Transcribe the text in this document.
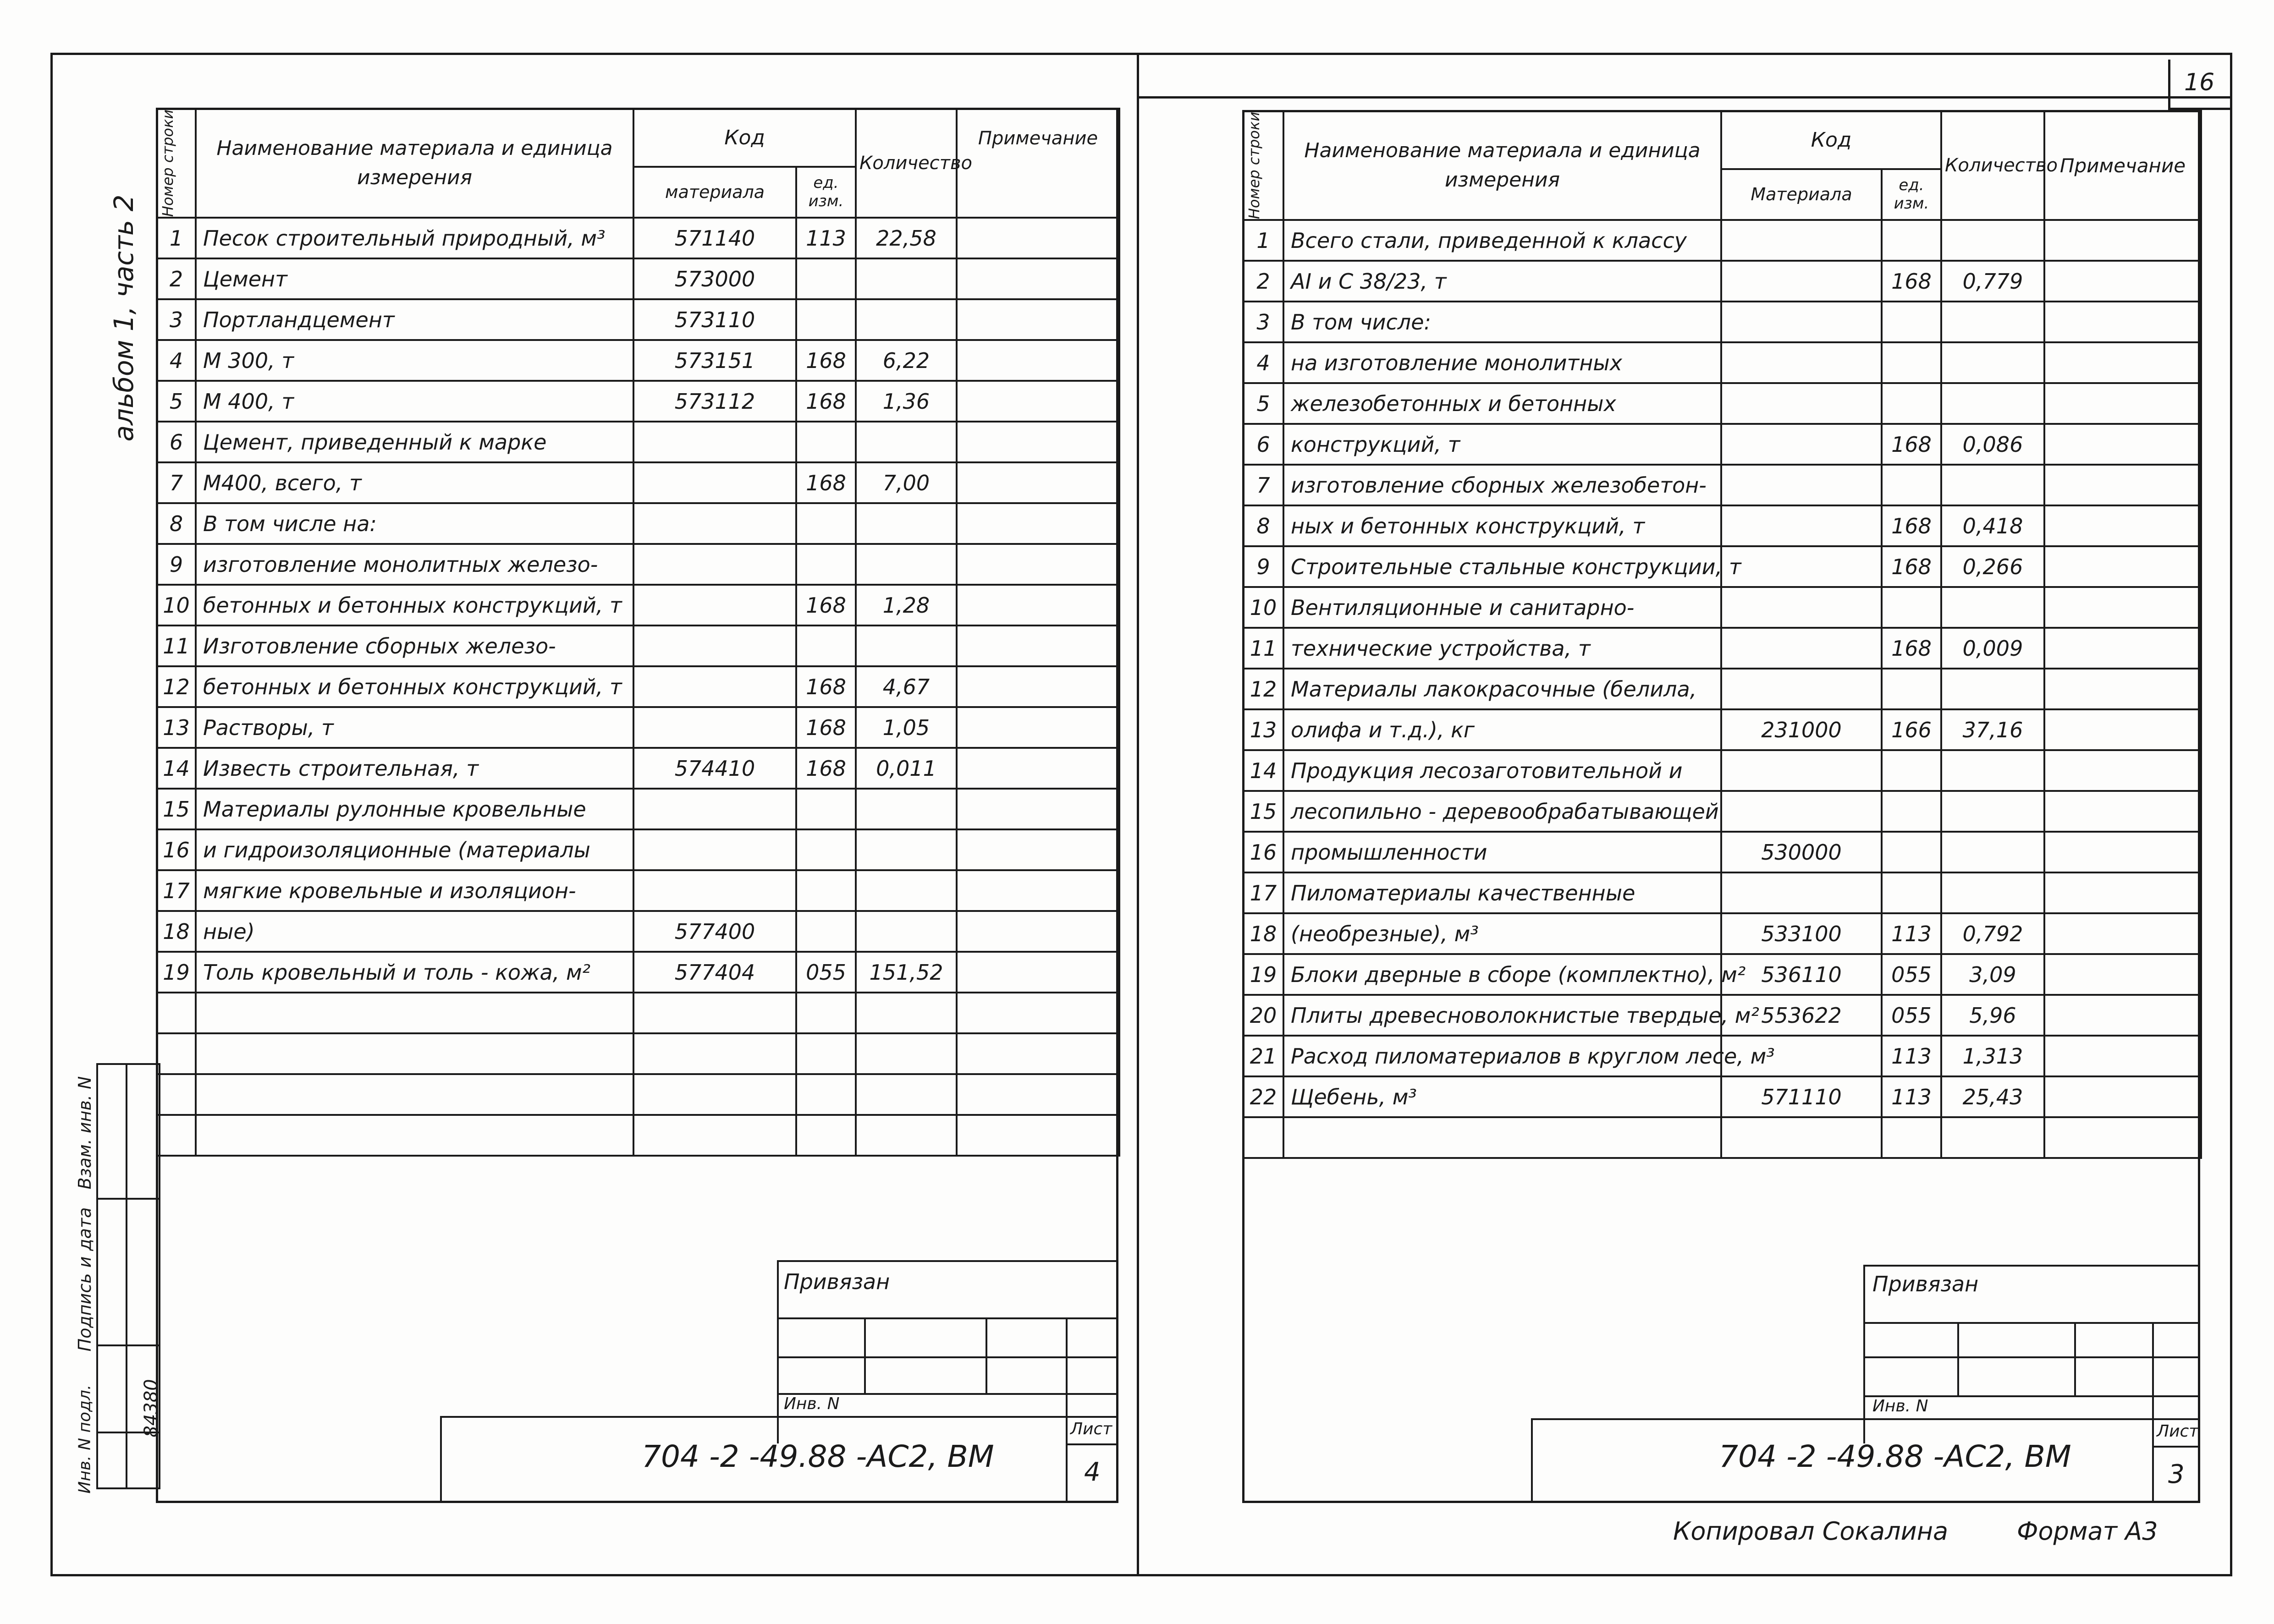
16
альбом 1, часть 2
Взам. инв. N
Подпись и дата
Инв. N подл.	84380
Номер строки	Наименование материала и единица измерения	Код		Количество	Примечание
		материала	ед. изм.		
1	Песок строительный природный, м³	571140	113	22,58	
2	Цемент	573000			
3	Портландцемент	573110			
4	М 300, т	573151	168	6,22	
5	М 400, т	573112	168	1,36	
6	Цемент, приведенный к марке				
7	М400, всего, т		168	7,00	
8	В том числе на:				
9	изготовление монолитных железо-				
10	бетонных и бетонных конструкций, т		168	1,28	
11	Изготовление сборных железо-				
12	бетонных и бетонных конструкций, т		168	4,67	
13	Растворы, т		168	1,05	
14	Известь строительная, т	574410	168	0,011	
15	Материалы рулонные кровельные				
16	и гидроизоляционные (материалы				
17	мягкие кровельные и изоляцион-				
18	ные)	577400			
19	Толь кровельный и толь - кожа, м²	577404	055	151,52	

Привязан
Инв. N
704 -2 -49.88 -АС2, ВМ
Лист
4
Номер строки	Наименование материала и единица измерения	Код		Количество	Примечание
		Материала	ед. изм.		
1	Всего стали, приведенной к классу				
2	АI и С 38/23, т		168	0,779	
3	В том числе:				
4	на изготовление монолитных				
5	железобетонных и бетонных				
6	конструкций, т		168	0,086	
7	изготовление сборных железобетон-				
8	ных и бетонных конструкций, т		168	0,418	
9	Строительные стальные конструкции, т		168	0,266	
10	Вентиляционные и санитарно-				
11	технические устройства, т		168	0,009	
12	Материалы лакокрасочные (белила,				
13	олифа и т.д.), кг	231000	166	37,16	
14	Продукция лесозаготовительной и				
15	лесопильно - деревообрабатывающей				
16	промышленности	530000			
17	Пиломатериалы качественные				
18	(необрезные), м³	533100	113	0,792	
19	Блоки дверные в сборе (комплектно), м²	536110	055	3,09	
20	Плиты древесноволокнистые твердые, м²	553622	055	5,96	
21	Расход пиломатериалов в круглом лесе, м³		113	1,313	
22	Щебень, м³	571110	113	25,43	

Привязан
Инв. N
704 -2 -49.88 -АС2, ВМ
Лист
3
Копировал Сокалина	Формат А3
